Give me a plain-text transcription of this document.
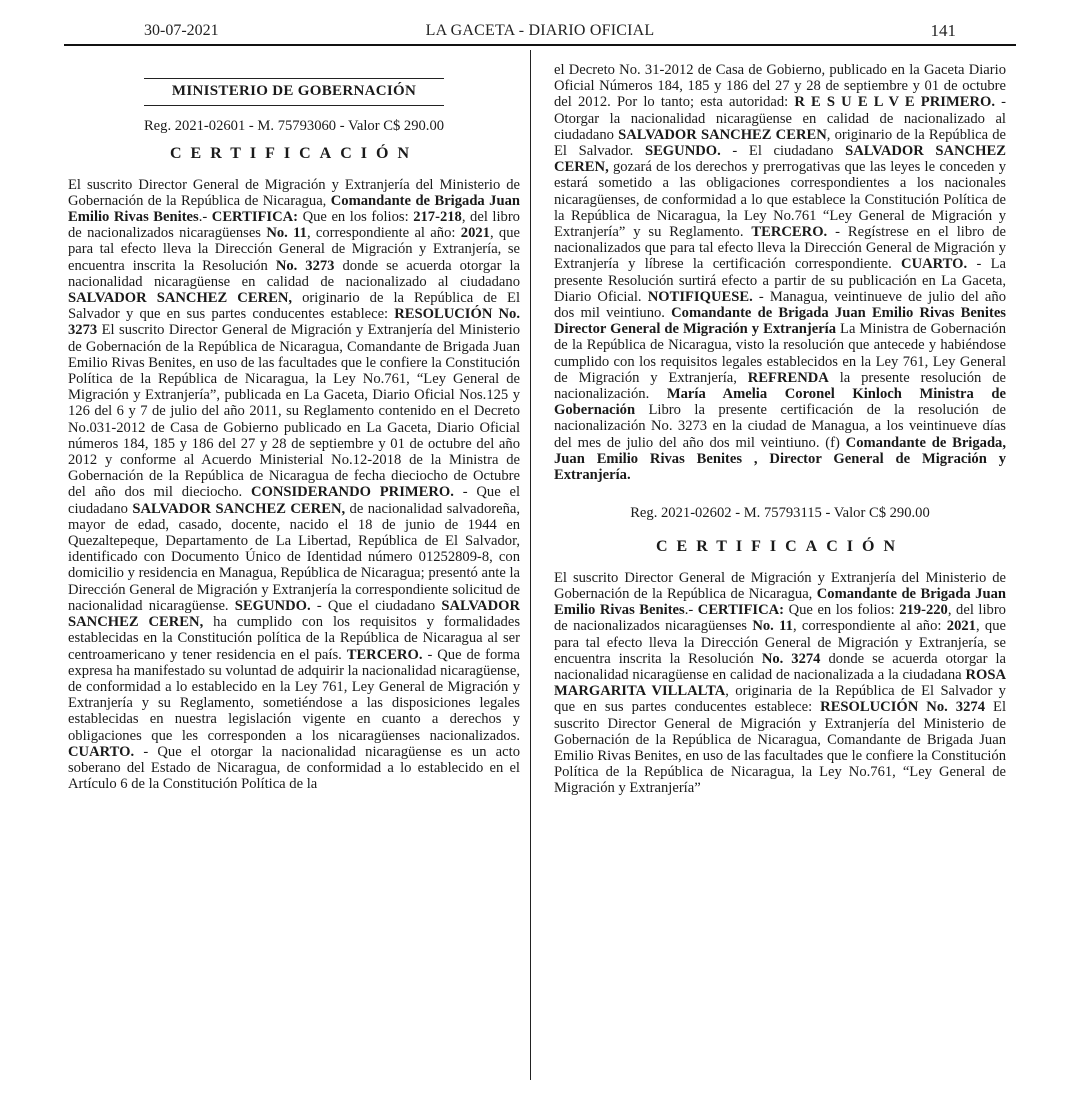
30-07-2021	LA GACETA - DIARIO OFICIAL	141
MINISTERIO DE GOBERNACIÓN
Reg. 2021-02601 - M. 75793060 - Valor C$ 290.00
CERTIFICACIÓN

El suscrito Director General de Migración y Extranjería del Ministerio de Gobernación de la República de Nicaragua, Comandante de Brigada Juan Emilio Rivas Benites.- CERTIFICA: Que en los folios: 217-218, del libro de nacionalizados nicaragüenses No. 11, correspondiente al año: 2021, que para tal efecto lleva la Dirección General de Migración y Extranjería, se encuentra inscrita la Resolución No. 3273 donde se acuerda otorgar la nacionalidad nicaragüense en calidad de nacionalizado al ciudadano SALVADOR SANCHEZ CEREN, originario de la República de El Salvador y que en sus partes conducentes establece: RESOLUCIÓN No. 3273 El suscrito Director General de Migración y Extranjería del Ministerio de Gobernación de la República de Nicaragua, Comandante de Brigada Juan Emilio Rivas Benites, en uso de las facultades que le confiere la Constitución Política de la República de Nicaragua, la Ley No.761, “Ley General de Migración y Extranjería”, publicada en La Gaceta, Diario Oficial Nos.125 y 126 del 6 y 7 de julio del año 2011, su Reglamento contenido en el Decreto No.031-2012 de Casa de Gobierno publicado en La Gaceta, Diario Oficial números 184, 185 y 186 del 27 y 28 de septiembre y 01 de octubre del año 2012 y conforme al Acuerdo Ministerial No.12-2018 de la Ministra de Gobernación de la República de Nicaragua de fecha dieciocho de Octubre del año dos mil dieciocho. CONSIDERANDO PRIMERO. - Que el ciudadano SALVADOR SANCHEZ CEREN, de nacionalidad salvadoreña, mayor de edad, casado, docente, nacido el 18 de junio de 1944 en Quezaltepeque, Departamento de La Libertad, República de El Salvador, identificado con Documento Único de Identidad número 01252809-8, con domicilio y residencia en Managua, República de Nicaragua; presentó ante la Dirección General de Migración y Extranjería la correspondiente solicitud de nacionalidad nicaragüense. SEGUNDO. - Que el ciudadano SALVADOR SANCHEZ CEREN, ha cumplido con los requisitos y formalidades establecidas en la Constitución política de la República de Nicaragua al ser centroamericano y tener residencia en el país. TERCERO. - Que de forma expresa ha manifestado su voluntad de adquirir la nacionalidad nicaragüense, de conformidad a lo establecido en la Ley 761, Ley General de Migración y Extranjería y su Reglamento, sometiéndose a las disposiciones legales establecidas en nuestra legislación vigente en cuanto a derechos y obligaciones que les corresponden a los nicaragüenses nacionalizados. CUARTO. - Que el otorgar la nacionalidad nicaragüense es un acto soberano del Estado de Nicaragua, de conformidad a lo establecido en el Artículo 6 de la Constitución Política de la

el Decreto No. 31-2012 de Casa de Gobierno, publicado en la Gaceta Diario Oficial Números 184, 185 y 186 del 27 y 28 de septiembre y 01 de octubre del 2012. Por lo tanto; esta autoridad: R E S U E L V E PRIMERO. - Otorgar la nacionalidad nicaragüense en calidad de nacionalizado al ciudadano SALVADOR SANCHEZ CEREN, originario de la República de El Salvador. SEGUNDO. - El ciudadano SALVADOR SANCHEZ CEREN, gozará de los derechos y prerrogativas que las leyes le conceden y estará sometido a las obligaciones correspondientes a los nacionales nicaragüenses, de conformidad a lo que establece la Constitución Política de la República de Nicaragua, la Ley No.761 “Ley General de Migración y Extranjería” y su Reglamento. TERCERO. - Regístrese en el libro de nacionalizados que para tal efecto lleva la Dirección General de Migración y Extranjería y líbrese la certificación correspondiente. CUARTO. - La presente Resolución surtirá efecto a partir de su publicación en La Gaceta, Diario Oficial. NOTIFIQUESE. - Managua, veintinueve de julio del año dos mil veintiuno. Comandante de Brigada Juan Emilio Rivas Benites Director General de Migración y Extranjería La Ministra de Gobernación de la República de Nicaragua, visto la resolución que antecede y habiéndose cumplido con los requisitos legales establecidos en la Ley 761, Ley General de Migración y Extranjería, REFRENDA la presente resolución de nacionalización. María Amelia Coronel Kinloch Ministra de Gobernación Libro la presente certificación de la resolución de nacionalización No. 3273 en la ciudad de Managua, a los veintinueve días del mes de julio del año dos mil veintiuno. (f) Comandante de Brigada, Juan Emilio Rivas Benites , Director General de Migración y Extranjería.

Reg. 2021-02602 - M. 75793115 - Valor C$ 290.00
CERTIFICACIÓN

El suscrito Director General de Migración y Extranjería del Ministerio de Gobernación de la República de Nicaragua, Comandante de Brigada Juan Emilio Rivas Benites.- CERTIFICA: Que en los folios: 219-220, del libro de nacionalizados nicaragüenses No. 11, correspondiente al año: 2021, que para tal efecto lleva la Dirección General de Migración y Extranjería, se encuentra inscrita la Resolución No. 3274 donde se acuerda otorgar la nacionalidad nicaragüense en calidad de nacionalizada a la ciudadana ROSA MARGARITA VILLALTA, originaria de la República de El Salvador y que en sus partes conducentes establece: RESOLUCIÓN No. 3274 El suscrito Director General de Migración y Extranjería del Ministerio de Gobernación de la República de Nicaragua, Comandante de Brigada Juan Emilio Rivas Benites, en uso de las facultades que le confiere la Constitución Política de la República de Nicaragua, la Ley No.761, “Ley General de Migración y Extranjería”
